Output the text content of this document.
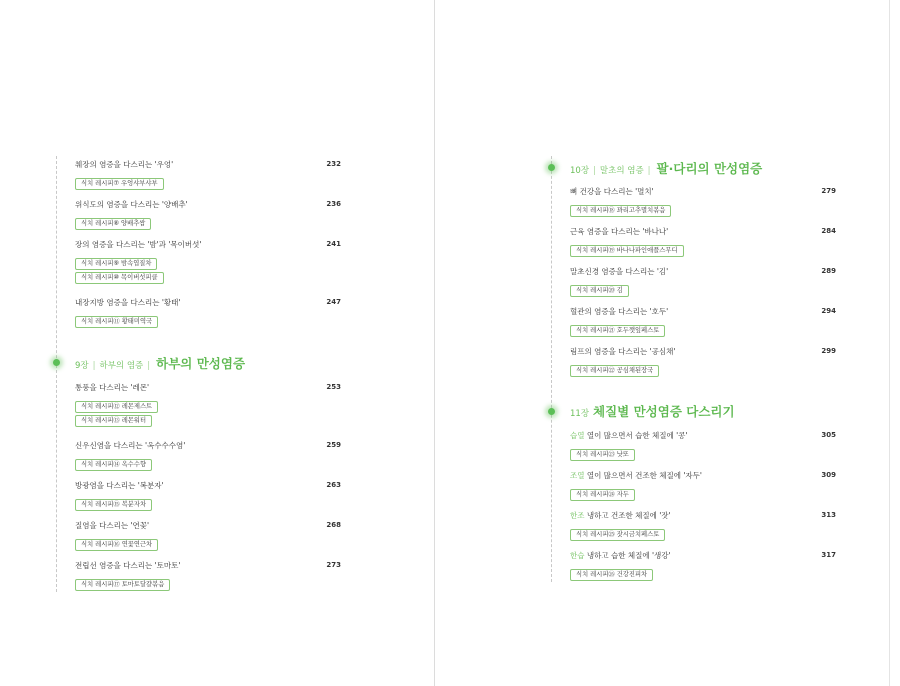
췌장의 염증을 다스리는 '우엉'	232
식치 레시피⑦ 우엉샤부샤부
위식도의 염증을 다스리는 '양배추'	236
식치 레시피⑧ 양배추쌈
장의 염증을 다스리는 '밤'과 '목이버섯'	241
식치 레시피⑨ 밤속엽질차
식치 레시피⑩ 목이버섯피클
내장지방 염증을 다스리는 '황태'	247
식치 레시피⑪ 황태미역국
9장 | 하부의 염증 | 하부의 만성염증
통풍을 다스리는 '레몬'	253
식치 레시피⑫ 레몬제스트
식치 레시피⑬ 레몬워터
신우신염을 다스리는 '옥수수수염'	259
식치 레시피⑭ 옥수수향
방광염을 다스리는 '복분자'	263
식치 레시피⑮ 복분자차
질염을 다스리는 '연꽃'	268
식치 레시피⑯ 연꽃연근차
전립선 염증을 다스리는 '토마토'	273
식치 레시피⑰ 토마토달걀볶음
10장 | 말초의 염증 | 팔·다리의 만성염증
뼈 건강을 다스리는 '멸치'	279
식치 레시피⑱ 꽈리고추멸치볶음
근육 염증을 다스리는 '바나나'	284
식치 레시피⑲ 바나나파인애플스무디
말초신경 염증을 다스리는 '김'	289
식치 레시피⑳ 김
혈관의 염증을 다스리는 '호두'	294
식치 레시피㉑ 호두깻잎페스토
림프의 염증을 다스리는 '공심채'	299
식치 레시피㉒ 공심채된장국
11장 체질별 만성염증 다스리기
습열 열이 많으면서 습한 체질에 '콩'	305
식치 레시피㉓ 낫또
조열 열이 많으면서 건조한 체질에 '자두'	309
식치 레시피㉔ 자두
한조 냉하고 건조한 체질에 '잣'	313
식치 레시피㉕ 잣시금치페스토
한습 냉하고 습한 체질에 '생강'	317
식치 레시피㉖ 건강진피차
